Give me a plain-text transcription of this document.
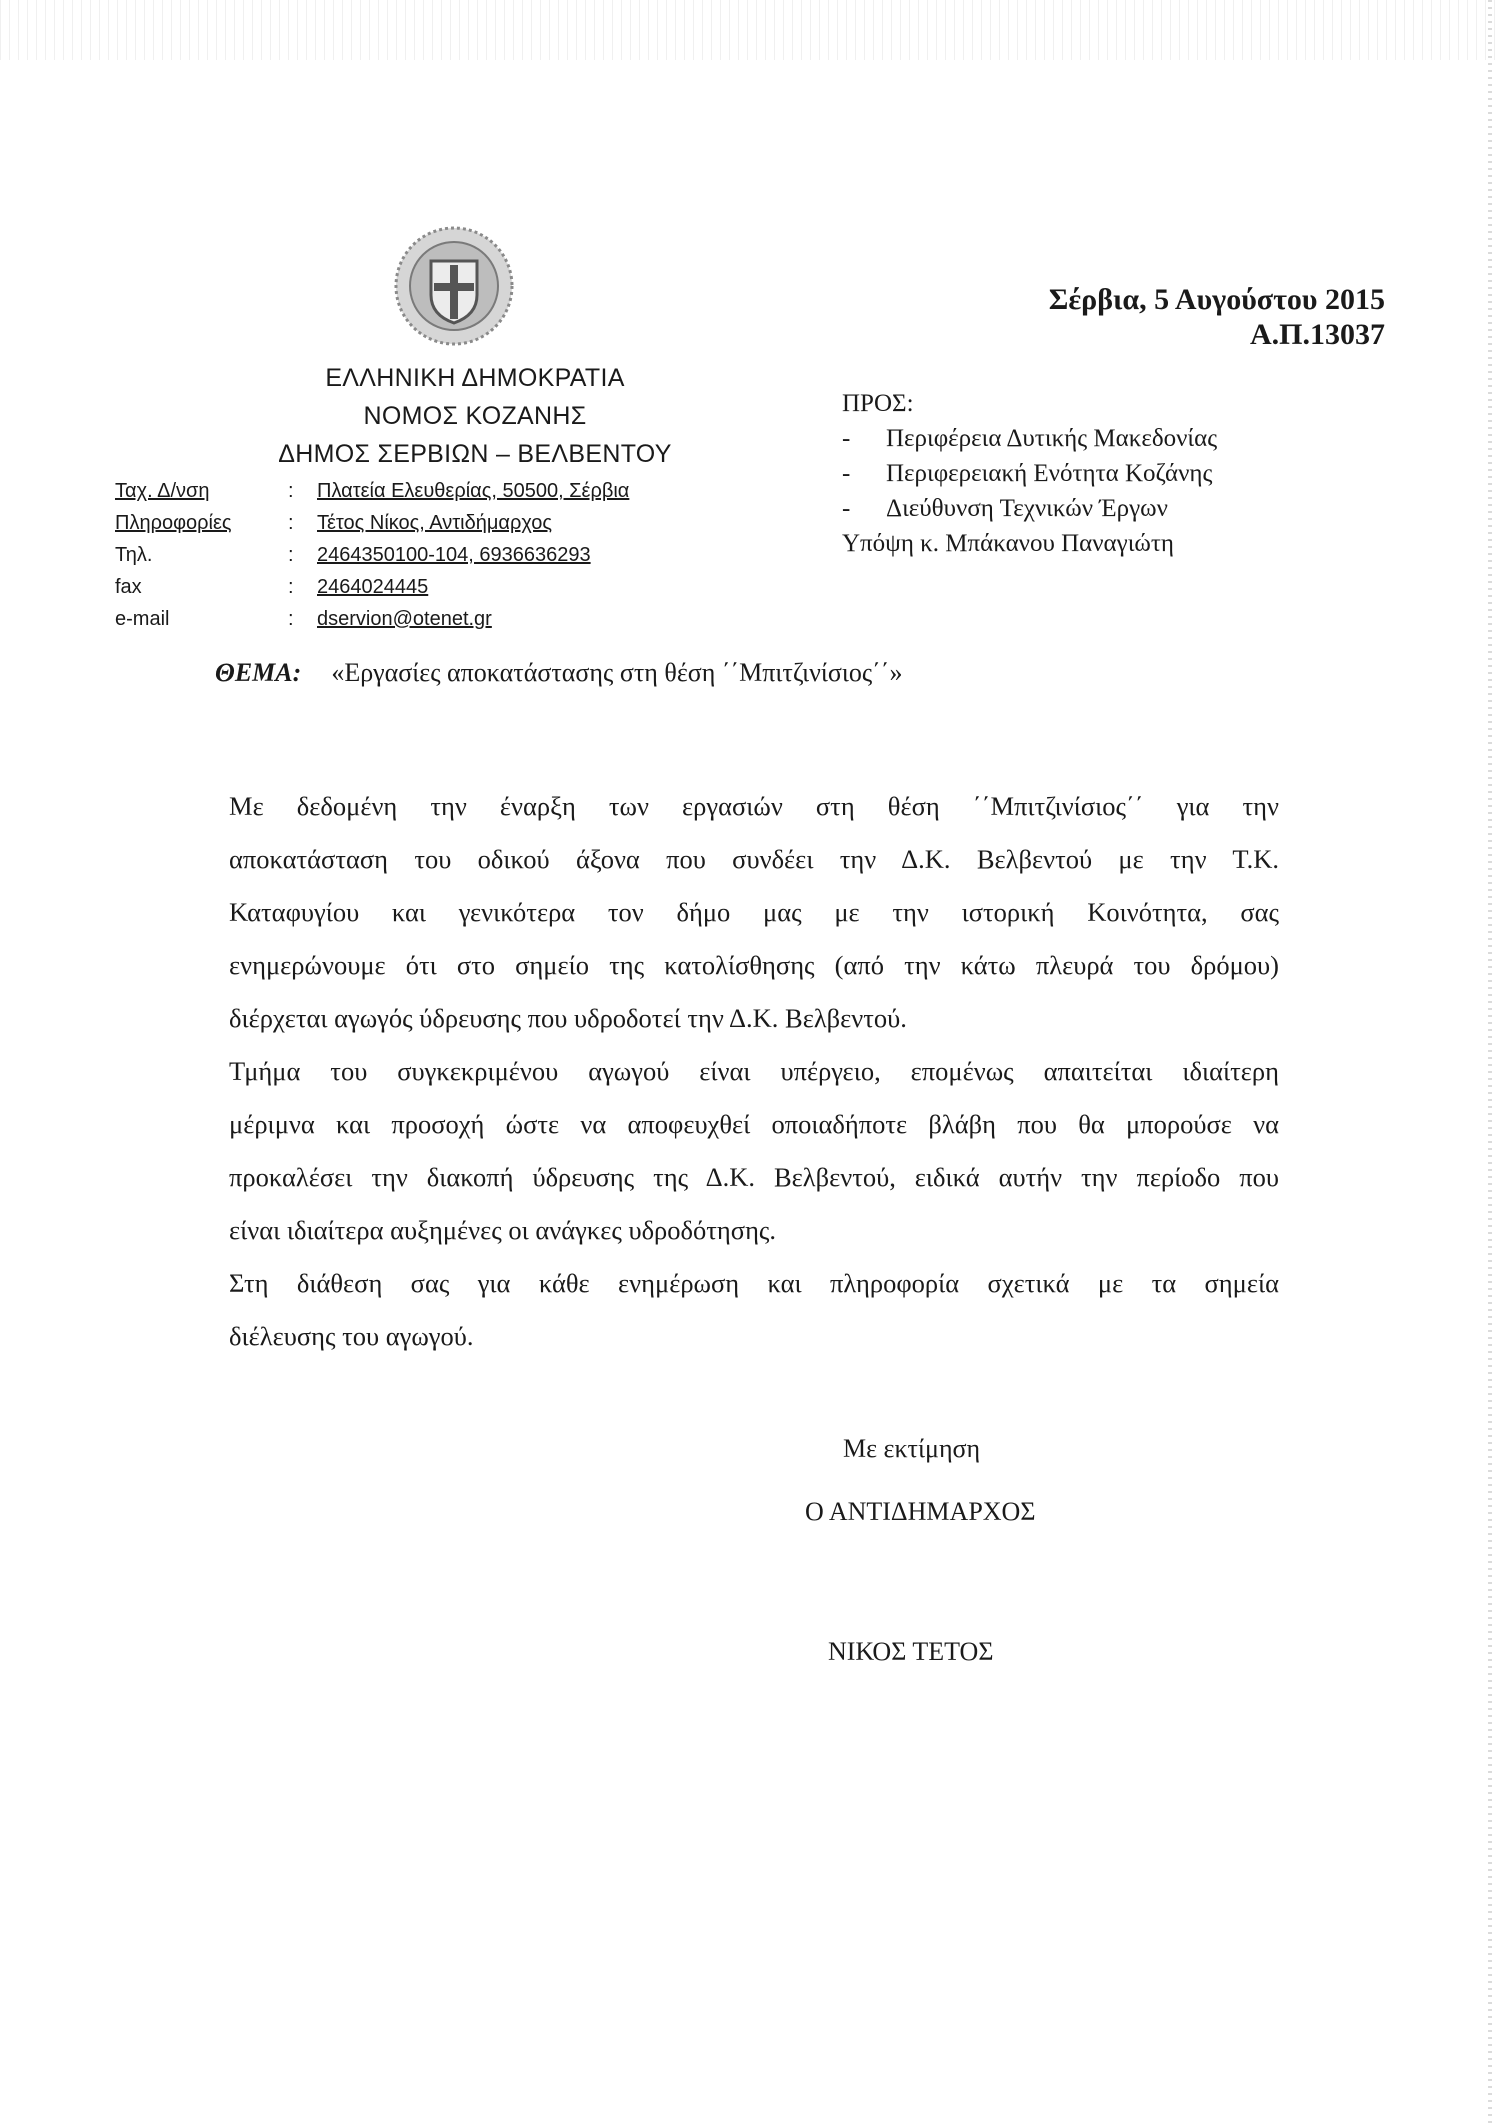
ΕΛΛΗΝΙΚΗ ΔΗΜΟΚΡΑΤΙΑ
ΝΟΜΟΣ ΚΟΖΑΝΗΣ
ΔΗΜΟΣ ΣΕΡΒΙΩΝ – ΒΕΛΒΕΝΤΟΥ
Ταχ. Δ/νση	: Πλατεία Ελευθερίας, 50500, Σέρβια
Πληροφορίες	: Τέτος Νίκος, Αντιδήμαρχος
Τηλ.	: 2464350100-104, 6936636293
fax	: 2464024445
e-mail	: dservion@otenet.gr
Σέρβια, 5 Αυγούστου 2015
Α.Π.13037
ΠΡΟΣ:
- Περιφέρεια Δυτικής Μακεδονίας
- Περιφερειακή Ενότητα Κοζάνης
- Διεύθυνση Τεχνικών Έργων
Υπόψη κ. Μπάκανου Παναγιώτη
ΘΕΜΑ: «Εργασίες αποκατάστασης στη θέση ΄΄Μπιτζινίσιος΄΄»
Με δεδομένη την έναρξη των εργασιών στη θέση ΄΄Μπιτζινίσιος΄΄ για την
αποκατάσταση του οδικού άξονα που συνδέει την Δ.Κ. Βελβεντού με την Τ.Κ.
Καταφυγίου και γενικότερα τον δήμο μας με την ιστορική Κοινότητα, σας
ενημερώνουμε ότι στο σημείο της κατολίσθησης (από την κάτω πλευρά του δρόμου)
διέρχεται αγωγός ύδρευσης που υδροδοτεί την Δ.Κ. Βελβεντού.
Τμήμα του συγκεκριμένου αγωγού είναι υπέργειο, επομένως απαιτείται ιδιαίτερη
μέριμνα και προσοχή ώστε να αποφευχθεί οποιαδήποτε βλάβη που θα μπορούσε να
προκαλέσει την διακοπή ύδρευσης της Δ.Κ. Βελβεντού, ειδικά αυτήν την περίοδο που
είναι ιδιαίτερα αυξημένες οι ανάγκες υδροδότησης.
Στη διάθεση σας για κάθε ενημέρωση και πληροφορία σχετικά με τα σημεία
διέλευσης του αγωγού.
Με εκτίμηση
Ο ΑΝΤΙΔΗΜΑΡΧΟΣ
ΝΙΚΟΣ ΤΕΤΟΣ
